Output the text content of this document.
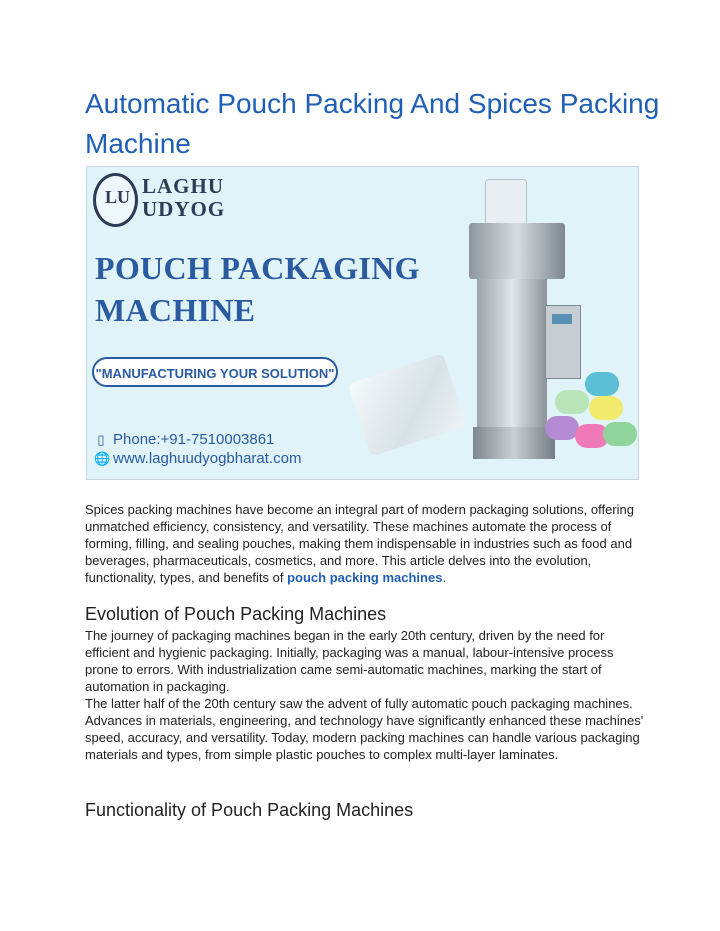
Automatic Pouch Packing And Spices Packing Machine
LU LAGHU
UDYOG
POUCH PACKAGING
MACHINE
"MANUFACTURING YOUR SOLUTION"
▯ Phone:+91-7510003861
🌐 www.laghuudyogbharat.com

Spices packing machines have become an integral part of modern packaging solutions, offering unmatched efficiency, consistency, and versatility. These machines automate the process of forming, filling, and sealing pouches, making them indispensable in industries such as food and beverages, pharmaceuticals, cosmetics, and more. This article delves into the evolution, functionality, types, and benefits of pouch packing machines.

Evolution of Pouch Packing Machines

The journey of packaging machines began in the early 20th century, driven by the need for efficient and hygienic packaging. Initially, packaging was a manual, labour-intensive process prone to errors. With industrialization came semi-automatic machines, marking the start of automation in packaging.

The latter half of the 20th century saw the advent of fully automatic pouch packaging machines. Advances in materials, engineering, and technology have significantly enhanced these machines' speed, accuracy, and versatility. Today, modern packing machines can handle various packaging materials and types, from simple plastic pouches to complex multi-layer laminates.

Functionality of Pouch Packing Machines
